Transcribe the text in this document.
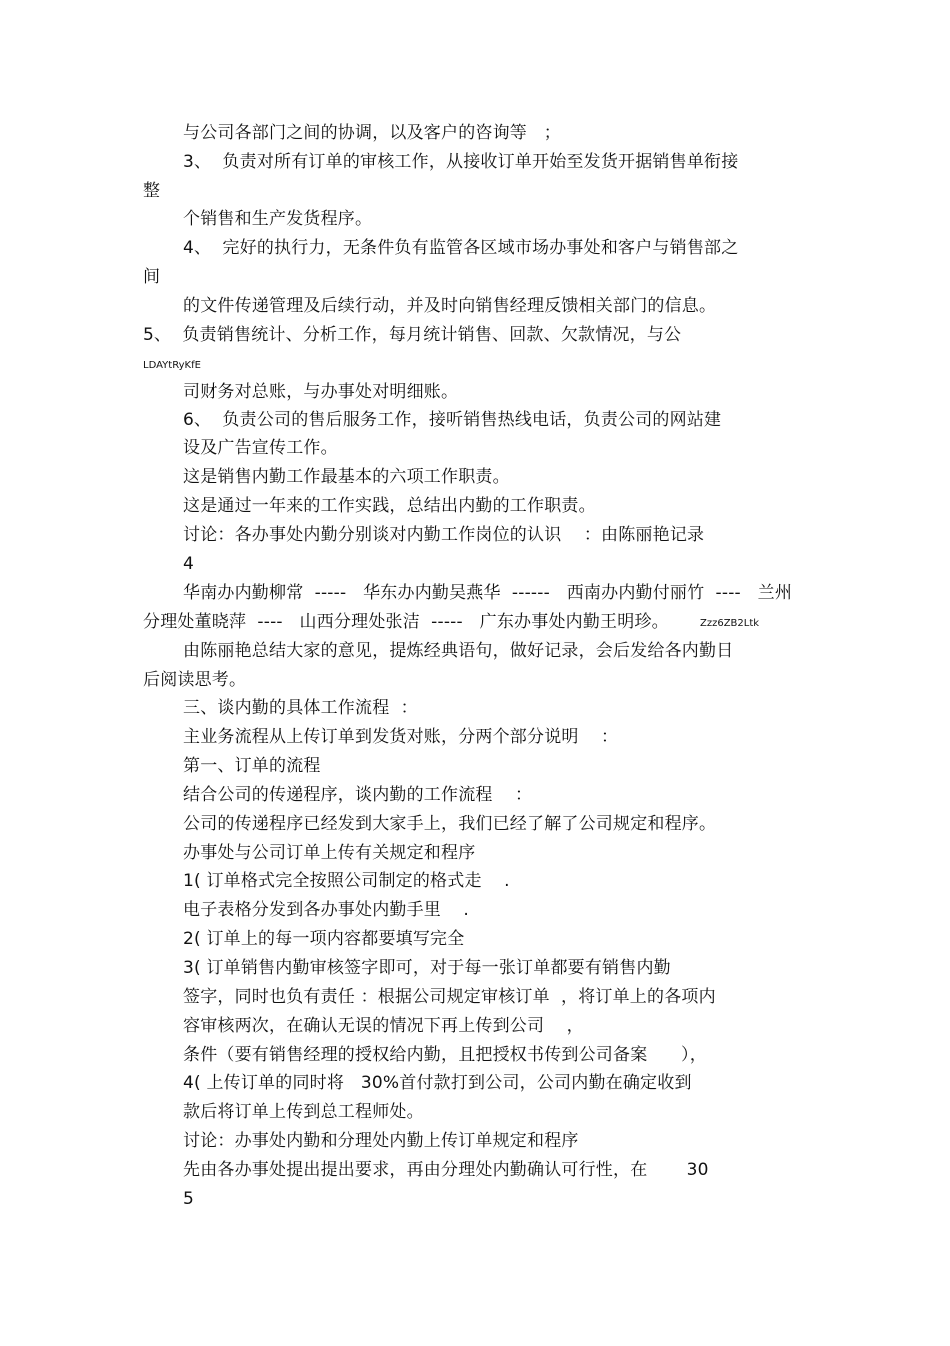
与公司各部门之间的协调，以及客户的咨询等   ；
3、  负责对所有订单的审核工作，从接收订单开始至发货开据销售单衔接
整
个销售和生产发货程序。
4、  完好的执行力，无条件负有监管各区域市场办事处和客户与销售部之
间
的文件传递管理及后续行动，并及时向销售经理反馈相关部门的信息。
5、  负责销售统计、分析工作，每月统计销售、回款、欠款情况，与公
LDAYtRyKfE
司财务对总账，与办事处对明细账。
6、  负责公司的售后服务工作，接听销售热线电话，负责公司的网站建
设及广告宣传工作。
这是销售内勤工作最基本的六项工作职责。
这是通过一年来的工作实践，总结出内勤的工作职责。
讨论：各办事处内勤分别谈对内勤工作岗位的认识    ：由陈丽艳记录
4
华南办内勤柳常  -----   华东办内勤吴燕华  ------   西南办内勤付丽竹  ----   兰州
分理处董晓萍  ----   山西分理处张洁  -----   广东办事处内勤王明珍。	Zzz6ZB2Ltk
由陈丽艳总结大家的意见，提炼经典语句，做好记录，会后发给各内勤日
后阅读思考。
三、谈内勤的具体工作流程  ：
主业务流程从上传订单到发货对账，分两个部分说明    ：
第一、订单的流程
结合公司的传递程序，谈内勤的工作流程    ：
公司的传递程序已经发到大家手上，我们已经了解了公司规定和程序。
办事处与公司订单上传有关规定和程序
1( 订单格式完全按照公司制定的格式走    .
电子表格分发到各办事处内勤手里    .
2( 订单上的每一项内容都要填写完全
3( 订单销售内勤审核签字即可，对于每一张订单都要有销售内勤
签字，同时也负有责任 ：根据公司规定审核订单  ，将订单上的各项内
容审核两次，在确认无误的情况下再上传到公司    ，
条件（要有销售经理的授权给内勤，且把授权书传到公司备案      ），
4( 上传订单的同时将   30%首付款打到公司，公司内勤在确定收到
款后将订单上传到总工程师处。
讨论：办事处内勤和分理处内勤上传订单规定和程序
先由各办事处提出提出要求，再由分理处内勤确认可行性，在       30
5
